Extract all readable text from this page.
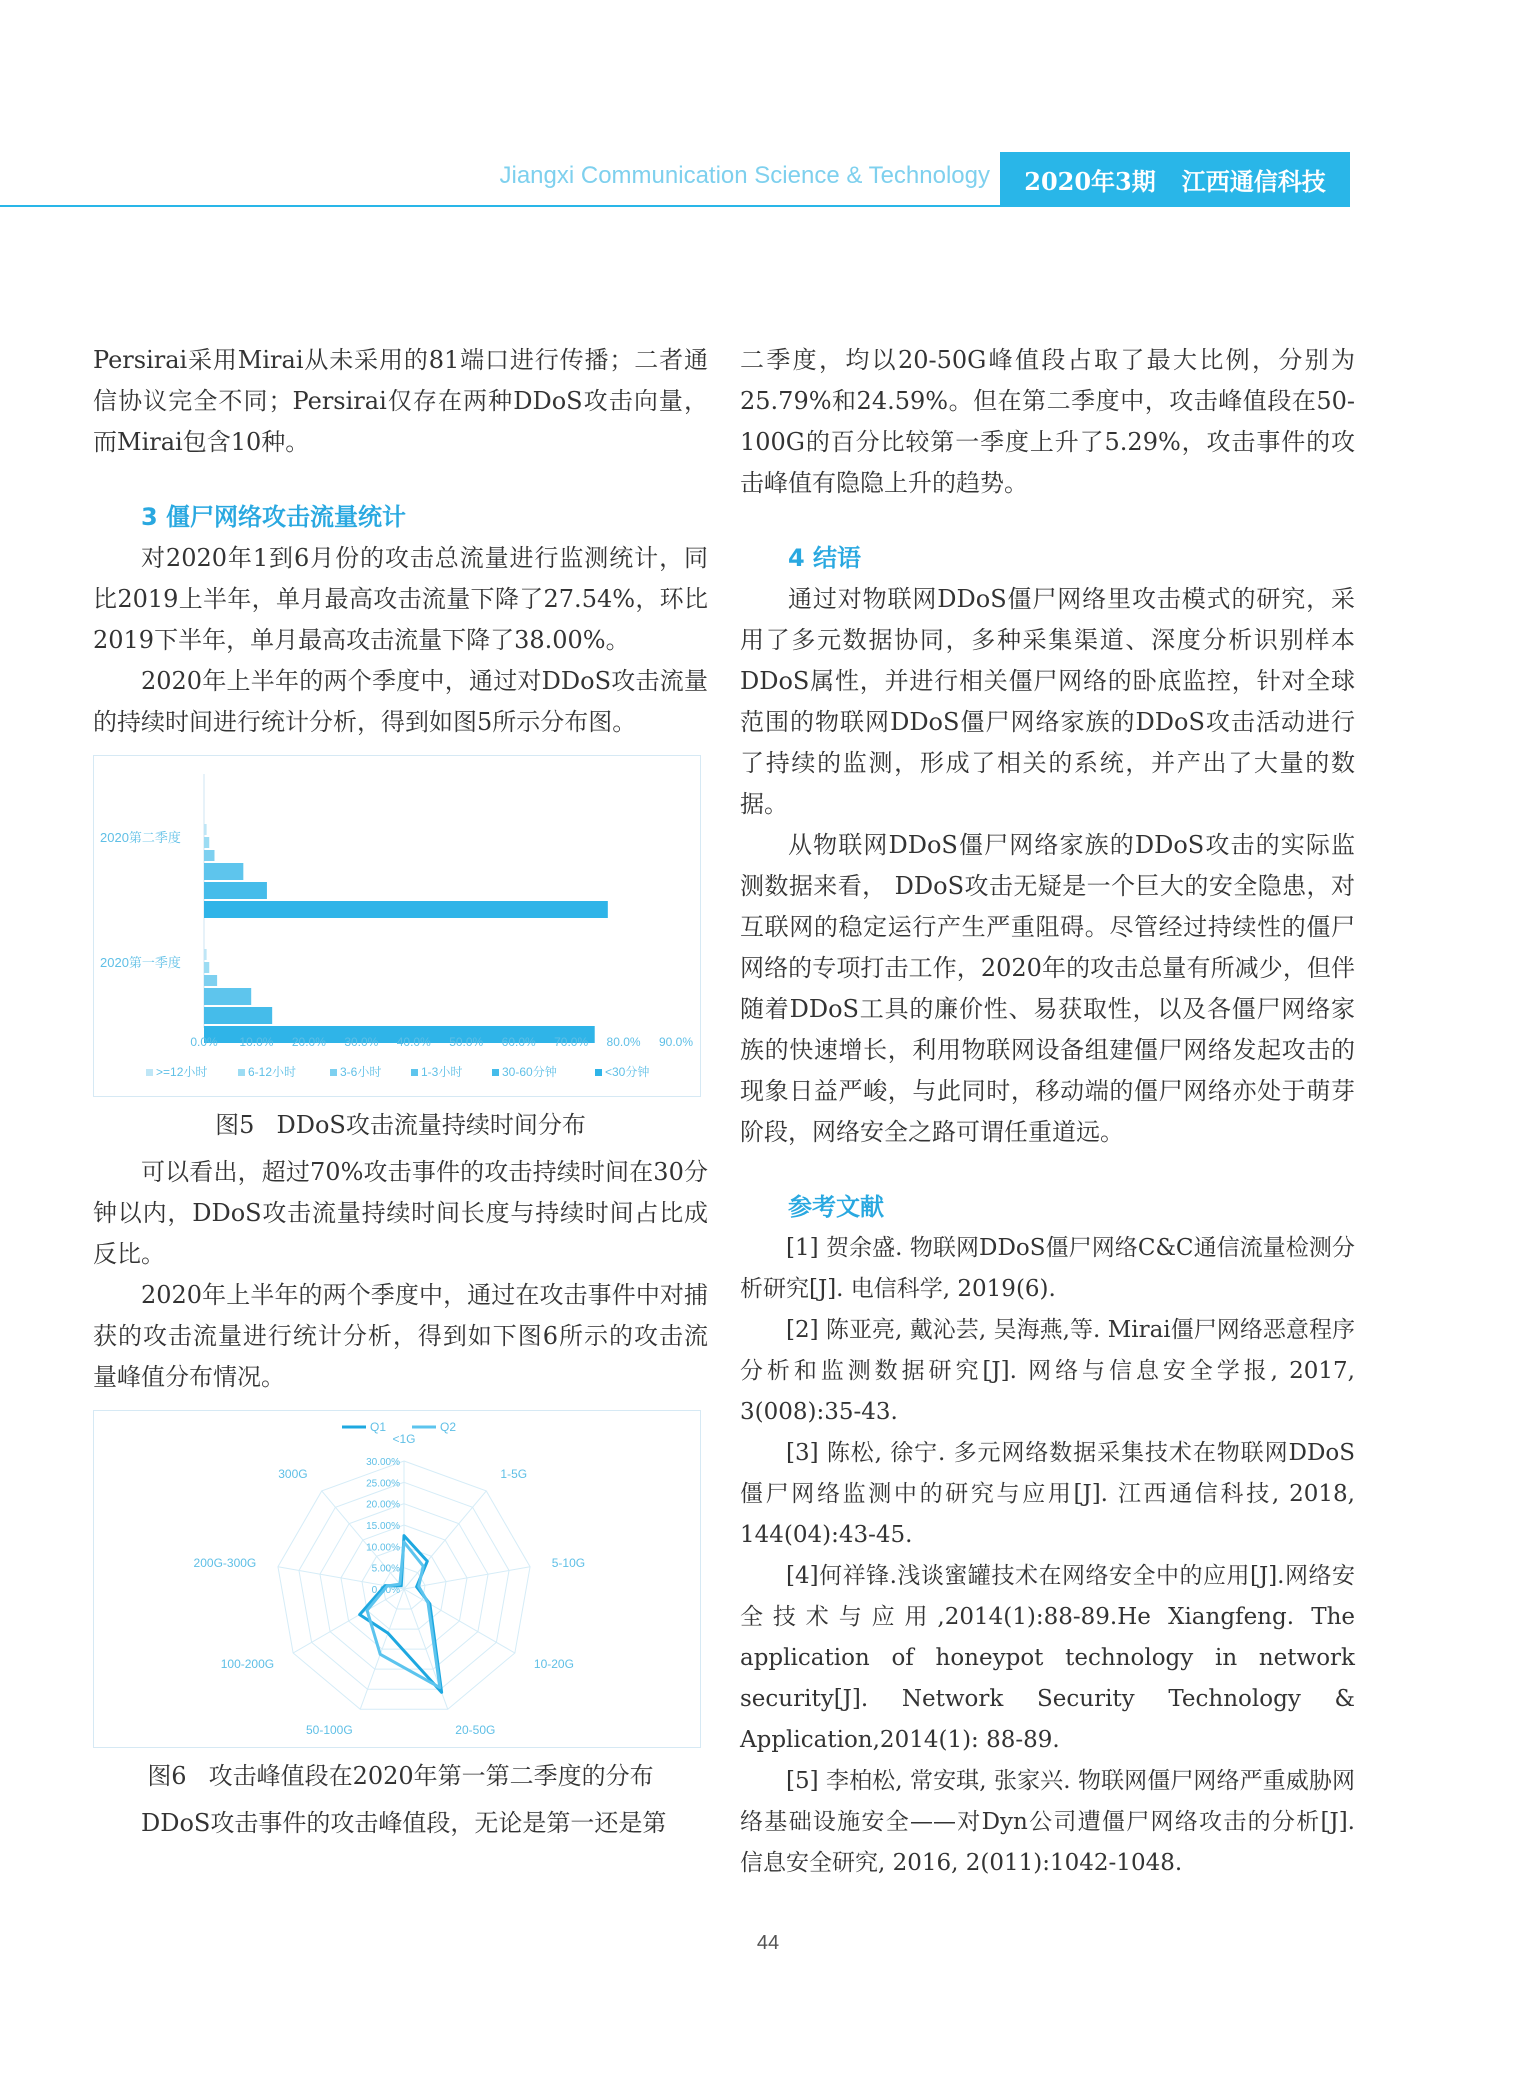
Jiangxi Communication Science & Technology 2020年3期 江西通信科技

Persirai采用Mirai从未采用的81端口进行传播；二者通信协议完全不同；Persirai仅存在两种DDoS攻击向量，而Mirai包含10种。

3 僵尸网络攻击流量统计

对2020年1到6月份的攻击总流量进行监测统计，同比2019上半年，单月最高攻击流量下降了27.54%，环比2019下半年，单月最高攻击流量下降了38.00%。

2020年上半年的两个季度中，通过对DDoS攻击流量的持续时间进行统计分析，得到如图5所示分布图。

2020第二季度
2020第一季度
0.0% 10.0% 20.0% 30.0% 40.0% 50.0% 60.0% 70.0% 80.0% 90.0%
>=12小时	6-12小时	3-6小时	1-3小时	30-60分钟	<30分钟
图5 DDoS攻击流量持续时间分布

可以看出，超过70%攻击事件的攻击持续时间在30分钟以内，DDoS攻击流量持续时间长度与持续时间占比成反比。

2020年上半年的两个季度中，通过在攻击事件中对捕获的攻击流量进行统计分析，得到如下图6所示的攻击流量峰值分布情况。

0.00%
5.00%
10.00%
15.00%
20.00%
25.00%
30.00%
<1G
1-5G
5-10G
10-20G
20-50G
50-100G
100-200G
200G-300G
300G
Q1	Q2
图6 攻击峰值段在2020年第一第二季度的分布

DDoS攻击事件的攻击峰值段，无论是第一还是第

二季度，均以20-50G峰值段占取了最大比例，分别为25.79%和24.59%。但在第二季度中，攻击峰值段在50-100G的百分比较第一季度上升了5.29%，攻击事件的攻击峰值有隐隐上升的趋势。

4 结语

通过对物联网DDoS僵尸网络里攻击模式的研究，采用了多元数据协同，多种采集渠道、深度分析识别样本DDoS属性，并进行相关僵尸网络的卧底监控，针对全球范围的物联网DDoS僵尸网络家族的DDoS攻击活动进行了持续的监测，形成了相关的系统，并产出了大量的数据。

从物联网DDoS僵尸网络家族的DDoS攻击的实际监测数据来看， DDoS攻击无疑是一个巨大的安全隐患，对互联网的稳定运行产生严重阻碍。尽管经过持续性的僵尸网络的专项打击工作，2020年的攻击总量有所减少，但伴随着DDoS工具的廉价性、易获取性，以及各僵尸网络家族的快速增长，利用物联网设备组建僵尸网络发起攻击的现象日益严峻，与此同时，移动端的僵尸网络亦处于萌芽阶段，网络安全之路可谓任重道远。

参考文献

[1] 贺余盛. 物联网DDoS僵尸网络C&C通信流量检测分析研究[J]. 电信科学, 2019(6).

[2] 陈亚亮, 戴沁芸, 吴海燕,等. Mirai僵尸网络恶意程序分析和监测数据研究[J]. 网络与信息安全学报, 2017, 3(008):35-43.

[3] 陈松, 徐宁. 多元网络数据采集技术在物联网DDoS僵尸网络监测中的研究与应用[J]. 江西通信科技, 2018, 144(04):43-45.

[4]何祥锋.浅谈蜜罐技术在网络安全中的应用[J].网络安全技术与应用,2014(1):88-89.He Xiangfeng. The application of honeypot technology in network security[J]. Network Security Technology & Application,2014(1): 88-89.

[5] 李柏松, 常安琪, 张家兴. 物联网僵尸网络严重威胁网络基础设施安全——对Dyn公司遭僵尸网络攻击的分析[J]. 信息安全研究, 2016, 2(011):1042-1048.

44
